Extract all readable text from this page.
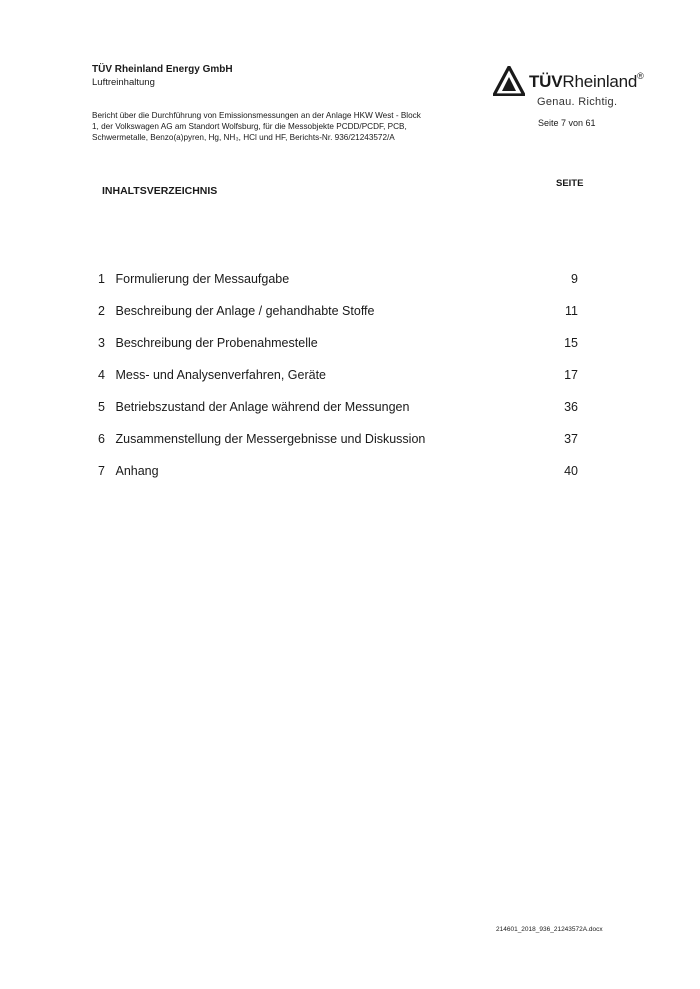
TÜV Rheinland Energy GmbH
Luftreinhaltung
Bericht über die Durchführung von Emissionsmessungen an der Anlage HKW West - Block 1, der Volkswagen AG am Standort Wolfsburg, für die Messobjekte PCDD/PCDF, PCB, Schwermetalle, Benzo(a)pyren, Hg, NH₃, HCl und HF, Berichts-Nr. 936/21243572/A
TÜVRheinland®
Genau. Richtig.
Seite 7 von 61
INHALTSVERZEICHNIS
SEITE
1 Formulierung der Messaufgabe	9
2 Beschreibung der Anlage / gehandhabte Stoffe	11
3 Beschreibung der Probenahmestelle	15
4 Mess- und Analysenverfahren, Geräte	17
5 Betriebszustand der Anlage während der Messungen	36
6 Zusammenstellung der Messergebnisse und Diskussion	37
7 Anhang	40
214601_2018_936_21243572A.docx
